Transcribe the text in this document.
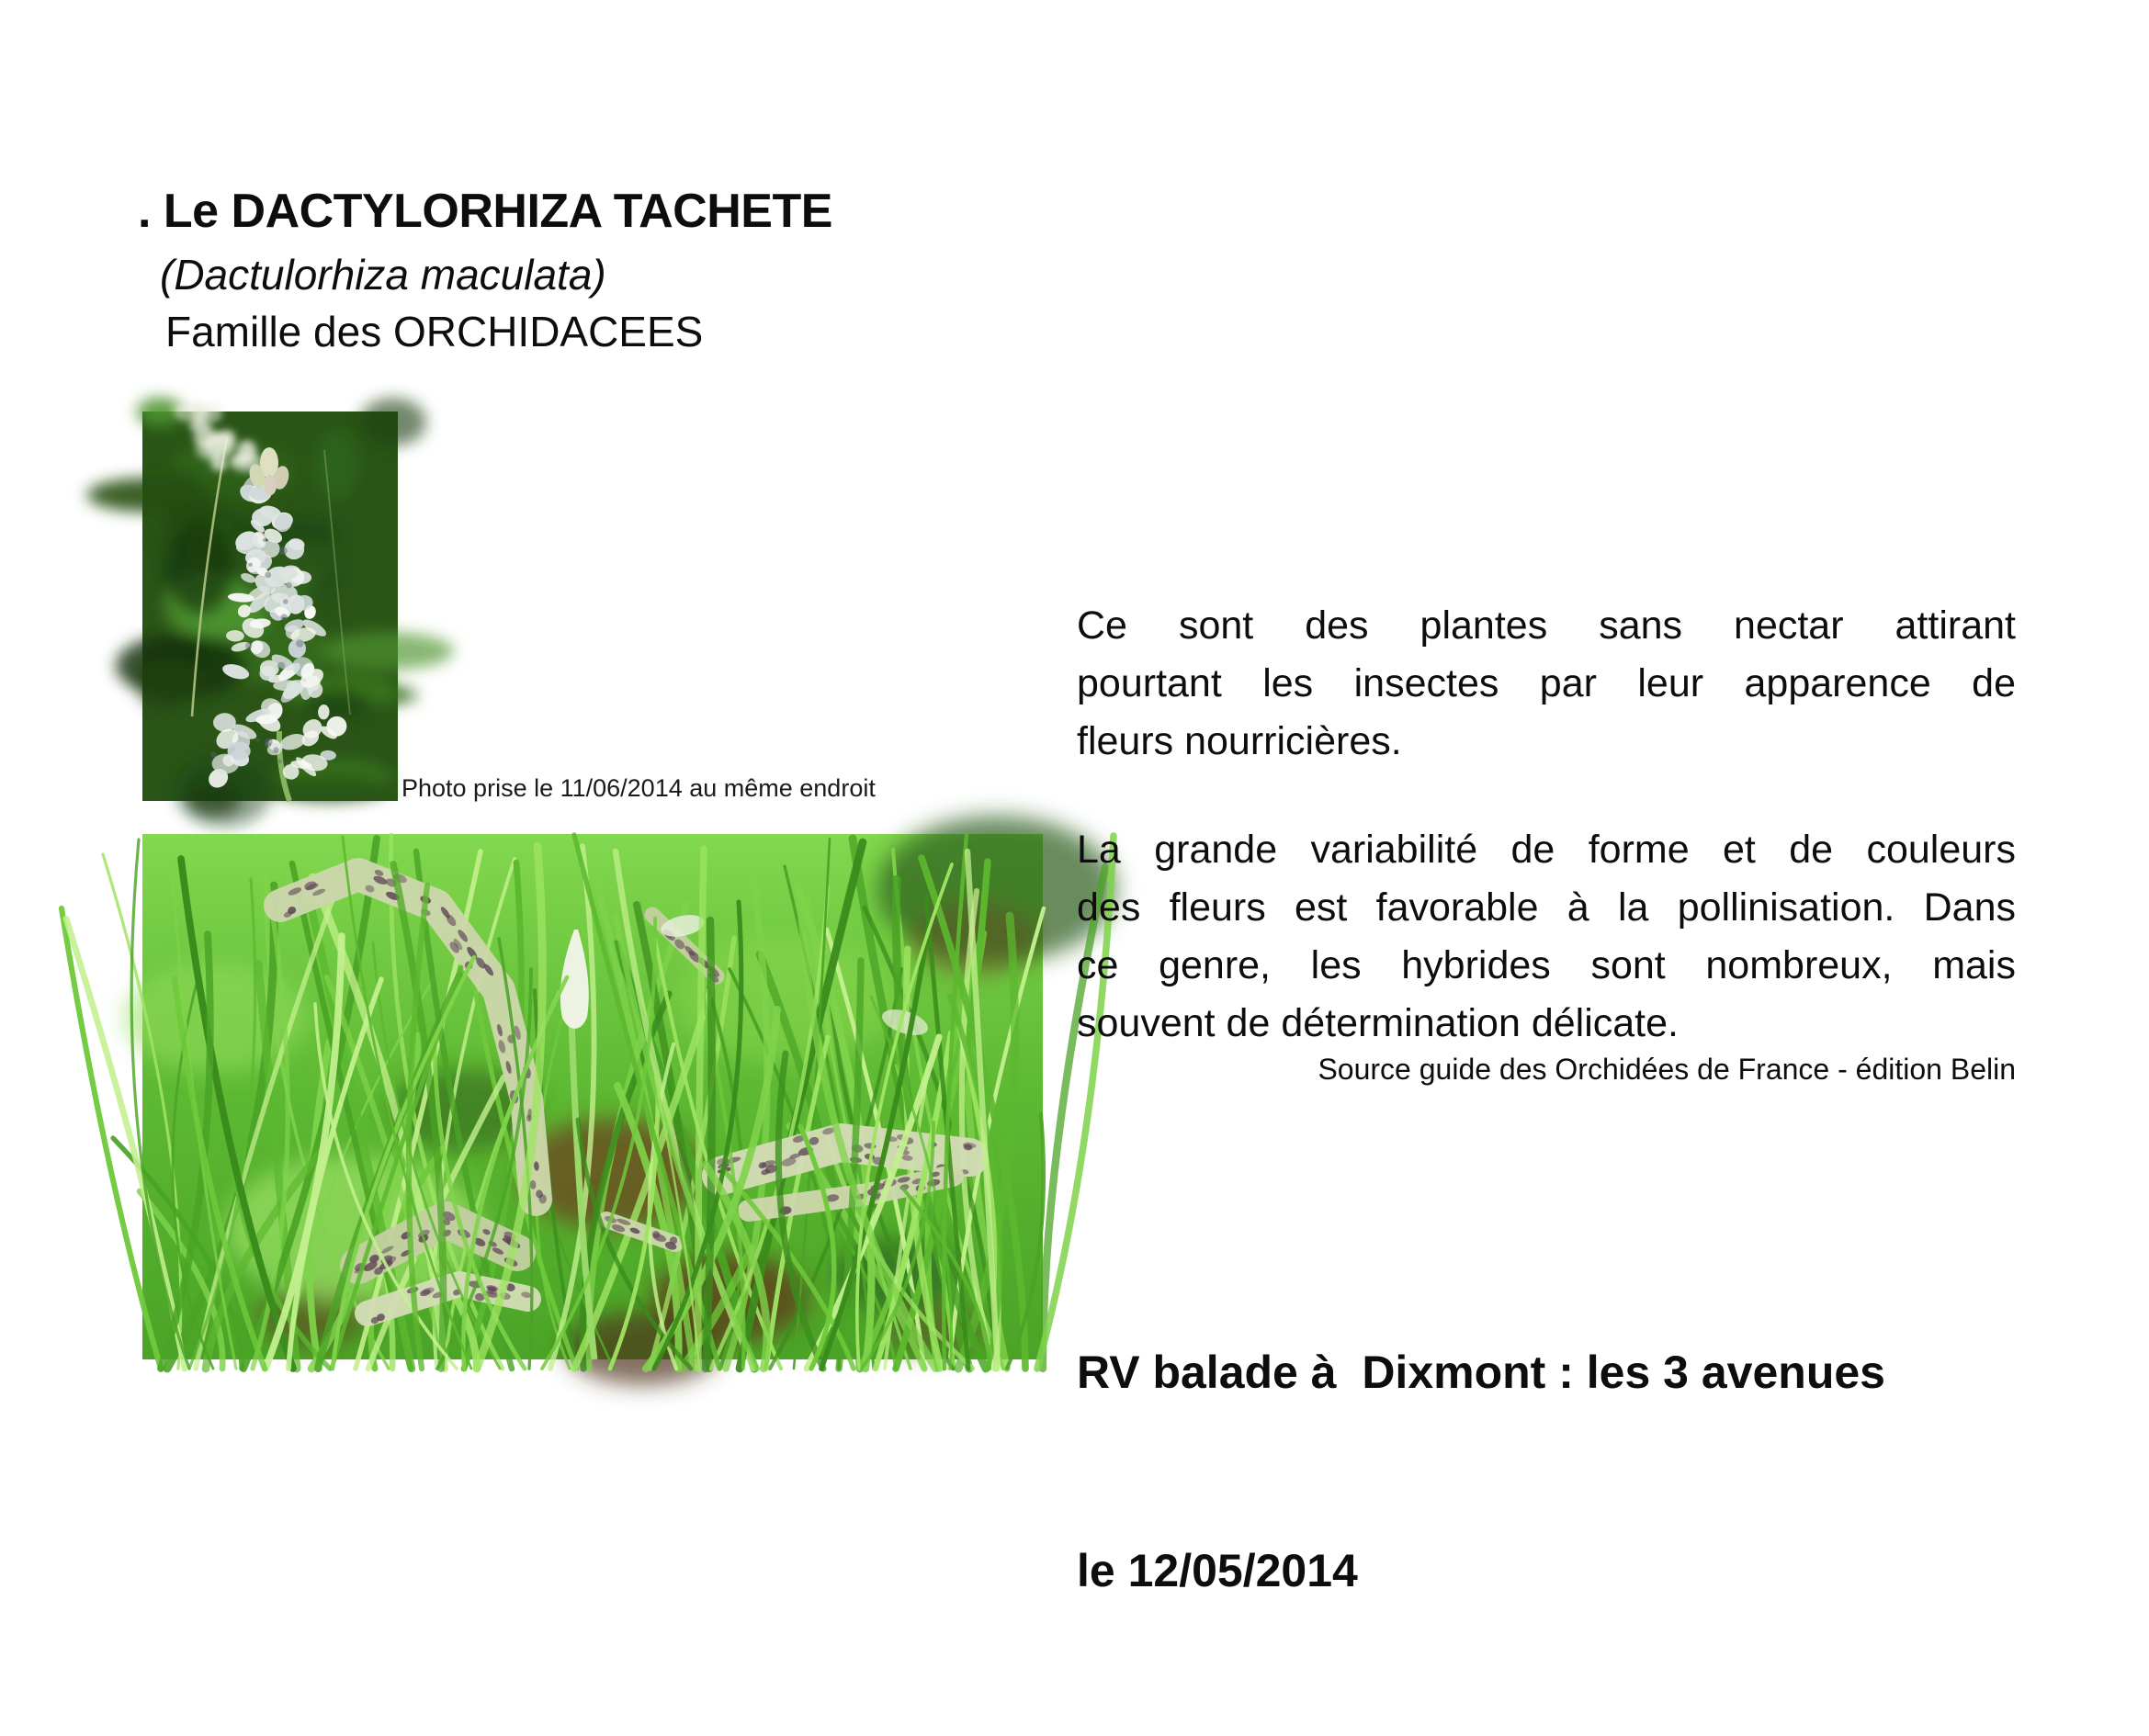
. Le DACTYLORHIZA TACHETE
(Dactulorhiza maculata)
Famille des ORCHIDACEES
Photo prise le 11/06/2014 au même endroit
Ce sont des plantes sans nectar attirant
pourtant les insectes par leur apparence de
fleurs nourricières.
La grande variabilité de forme et de couleurs
des fleurs est favorable à la pollinisation. Dans
ce genre, les hybrides sont nombreux, mais
souvent de détermination délicate.
Source guide des Orchidées de France - édition Belin

RV balade à  Dixmont : les 3 avenues

le 12/05/2014
